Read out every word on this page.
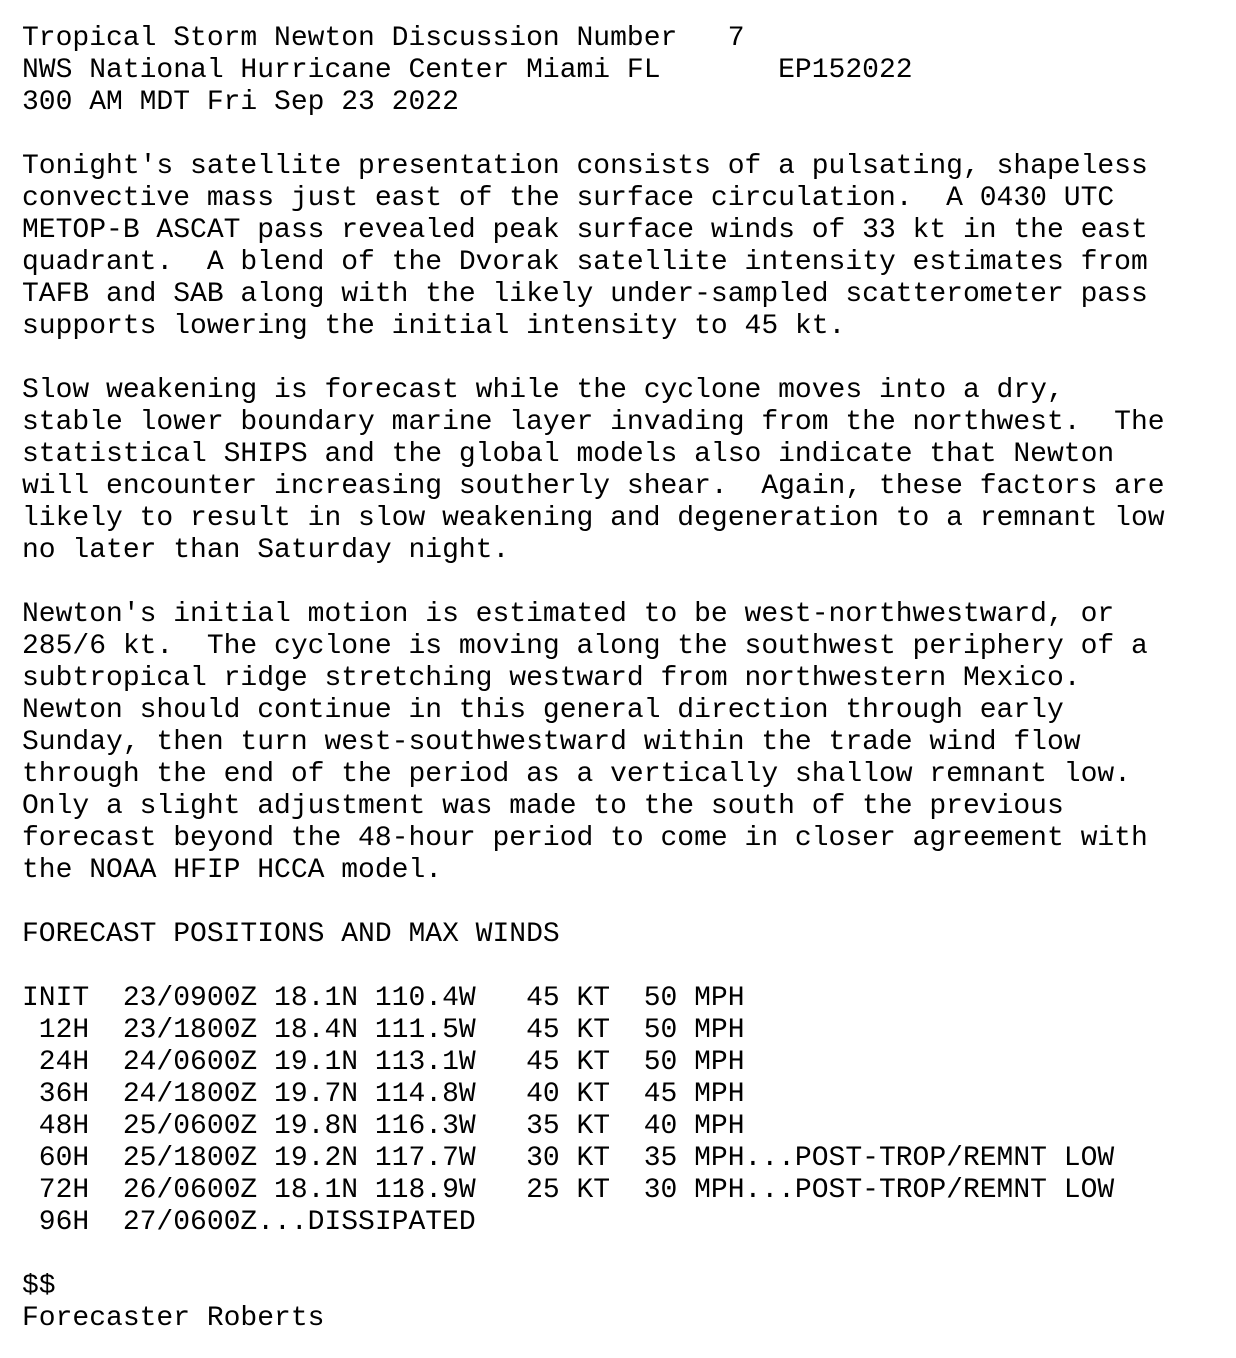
Tropical Storm Newton Discussion Number   7
NWS National Hurricane Center Miami FL       EP152022
300 AM MDT Fri Sep 23 2022
Tonight's satellite presentation consists of a pulsating, shapeless
convective mass just east of the surface circulation.  A 0430 UTC
METOP-B ASCAT pass revealed peak surface winds of 33 kt in the east
quadrant.  A blend of the Dvorak satellite intensity estimates from
TAFB and SAB along with the likely under-sampled scatterometer pass
supports lowering the initial intensity to 45 kt.
Slow weakening is forecast while the cyclone moves into a dry,
stable lower boundary marine layer invading from the northwest.  The
statistical SHIPS and the global models also indicate that Newton
will encounter increasing southerly shear.  Again, these factors are
likely to result in slow weakening and degeneration to a remnant low
no later than Saturday night.
Newton's initial motion is estimated to be west-northwestward, or
285/6 kt.  The cyclone is moving along the southwest periphery of a
subtropical ridge stretching westward from northwestern Mexico.
Newton should continue in this general direction through early
Sunday, then turn west-southwestward within the trade wind flow
through the end of the period as a vertically shallow remnant low.
Only a slight adjustment was made to the south of the previous
forecast beyond the 48-hour period to come in closer agreement with
the NOAA HFIP HCCA model.
FORECAST POSITIONS AND MAX WINDS
INIT  23/0900Z 18.1N 110.4W   45 KT  50 MPH
12H  23/1800Z 18.4N 111.5W   45 KT  50 MPH
24H  24/0600Z 19.1N 113.1W   45 KT  50 MPH
36H  24/1800Z 19.7N 114.8W   40 KT  45 MPH
48H  25/0600Z 19.8N 116.3W   35 KT  40 MPH
60H  25/1800Z 19.2N 117.7W   30 KT  35 MPH...POST-TROP/REMNT LOW
72H  26/0600Z 18.1N 118.9W   25 KT  30 MPH...POST-TROP/REMNT LOW
96H  27/0600Z...DISSIPATED
$$
Forecaster Roberts
